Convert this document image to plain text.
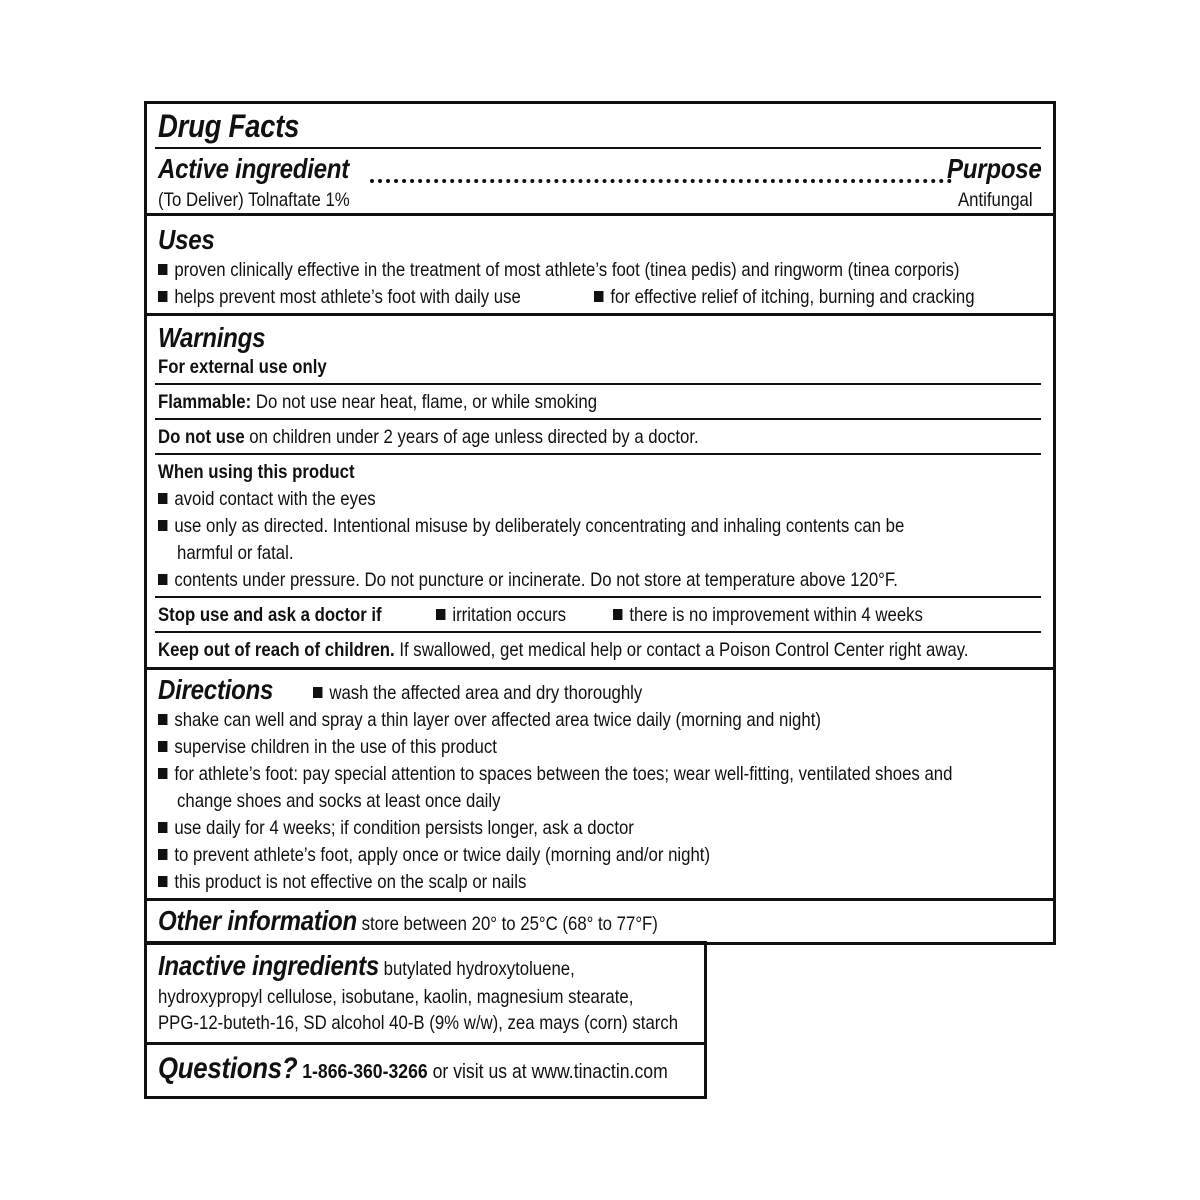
Drug Facts
Active ingredient	Purpose
(To Deliver) Tolnaftate 1%	Antifungal
Uses
proven clinically effective in the treatment of most athlete’s foot (tinea pedis) and ringworm (tinea corporis)
helps prevent most athlete’s foot with daily use	for effective relief of itching, burning and cracking
Warnings
For external use only
Flammable: Do not use near heat, flame, or while smoking
Do not use on children under 2 years of age unless directed by a doctor.
When using this product
avoid contact with the eyes
use only as directed. Intentional misuse by deliberately concentrating and inhaling contents can be
harmful or fatal.
contents under pressure. Do not puncture or incinerate. Do not store at temperature above 120°F.
Stop use and ask a doctor if	irritation occurs	there is no improvement within 4 weeks
Keep out of reach of children. If swallowed, get medical help or contact a Poison Control Center right away.
Directions	wash the affected area and dry thoroughly
shake can well and spray a thin layer over affected area twice daily (morning and night)
supervise children in the use of this product
for athlete’s foot: pay special attention to spaces between the toes; wear well-fitting, ventilated shoes and
change shoes and socks at least once daily
use daily for 4 weeks; if condition persists longer, ask a doctor
to prevent athlete’s foot, apply once or twice daily (morning and/or night)
this product is not effective on the scalp or nails
Other information store between 20° to 25°C (68° to 77°F)
Inactive ingredients butylated hydroxytoluene,
hydroxypropyl cellulose, isobutane, kaolin, magnesium stearate,
PPG-12-buteth-16, SD alcohol 40-B (9% w/w), zea mays (corn) starch
Questions? 1-866-360-3266 or visit us at www.tinactin.com
